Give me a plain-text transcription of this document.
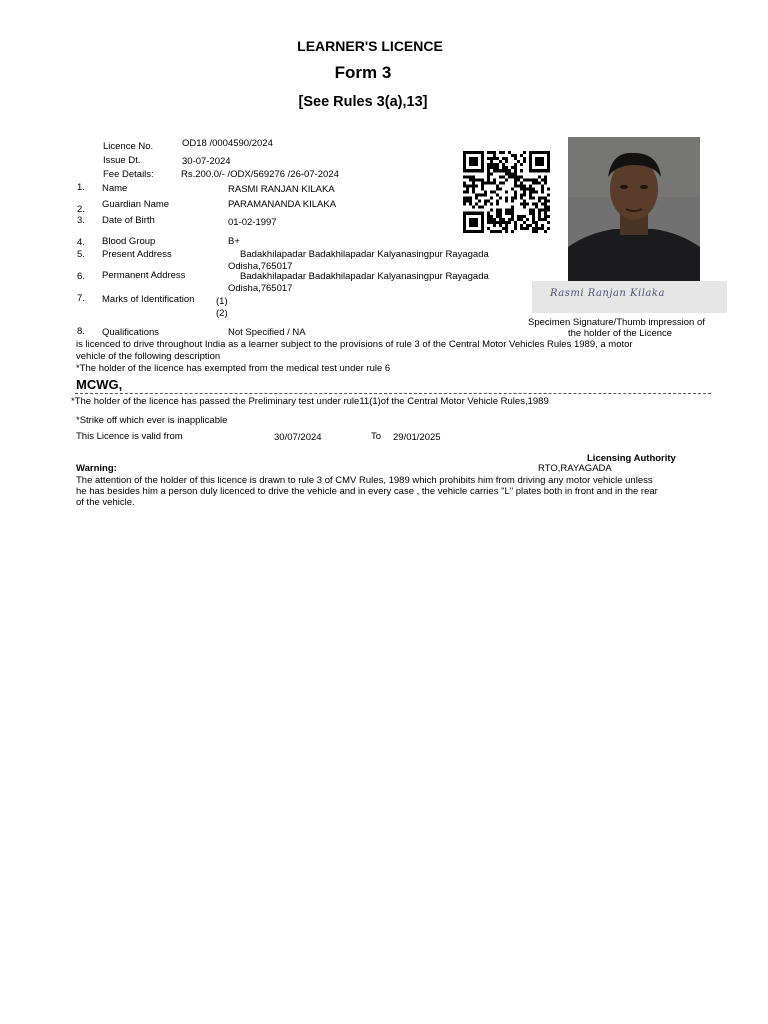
LEARNER'S LICENCE
Form 3
[See Rules 3(a),13]
Licence No.	OD18 /0004590/2024
Issue Dt.	30-07-2024
Fee Details:	Rs.200.0/- /ODX/569276 /26-07-2024
1. Name	RASMI RANJAN KILAKA
2. Guardian Name	PARAMANANDA KILAKA
3. Date of Birth	01-02-1997
4. Blood Group	B+
5. Present Address	Badakhilapadar Badakhilapadar Kalyanasingpur Rayagada
Odisha,765017
6. Permanent Address	Badakhilapadar Badakhilapadar Kalyanasingpur Rayagada
Odisha,765017
7. Marks of Identification (1)
(2)
8. Qualifications	Not Specified / NA
Rasmi Ranjan Kilaka
Specimen Signature/Thumb impression of
the holder of the Licence
is licenced to drive throughout India as a learner subject to the provisions of rule 3 of the Central Motor Vehicles Rules 1989, a motor
vehicle of the following description
*The holder of the licence has exempted from the medical test under rule 6
MCWG,
*The holder of the licence has passed the Preliminary test under rule11(1)of the Central Motor Vehicle Rules,1989
*Strike off which ever is inapplicable
This Licence is valid from	30/07/2024	To 29/01/2025
Licensing Authority
RTO,RAYAGADA
Warning:
The attention of the holder of this licence is drawn to rule 3 of CMV Rules, 1989 which prohibits him from driving any motor vehicle unless
he has besides him a person duly licenced to drive the vehicle and in every case , the vehicle carries "L" plates both in front and in the rear
of the vehicle.
